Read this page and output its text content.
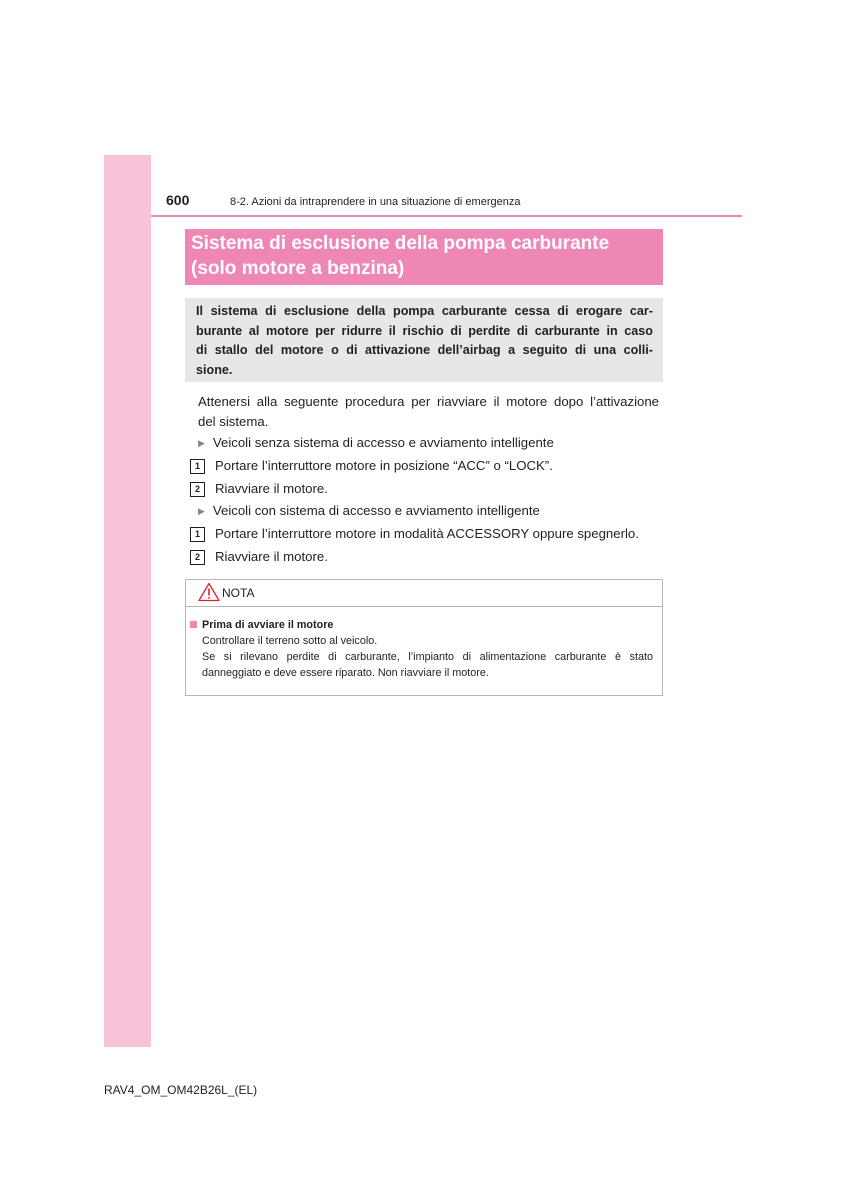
600	8-2. Azioni da intraprendere in una situazione di emergenza
Sistema di esclusione della pompa carburante
(solo motore a benzina)
Il sistema di esclusione della pompa carburante cessa di erogare car-
burante al motore per ridurre il rischio di perdite di carburante in caso
di stallo del motore o di attivazione dell’airbag a seguito di una colli-
sione.
Attenersi alla seguente procedura per riavviare il motore dopo l’attivazione
del sistema.
▶ Veicoli senza sistema di accesso e avviamento intelligente
1 Portare l’interruttore motore in posizione “ACC” o “LOCK”.
2 Riavviare il motore.
▶ Veicoli con sistema di accesso e avviamento intelligente
1 Portare l’interruttore motore in modalità ACCESSORY oppure spegnerlo.
2 Riavviare il motore.
NOTA
Prima di avviare il motore
Controllare il terreno sotto al veicolo.
Se si rilevano perdite di carburante, l’impianto di alimentazione carburante è stato
danneggiato e deve essere riparato. Non riavviare il motore.
RAV4_OM_OM42B26L_(EL)
